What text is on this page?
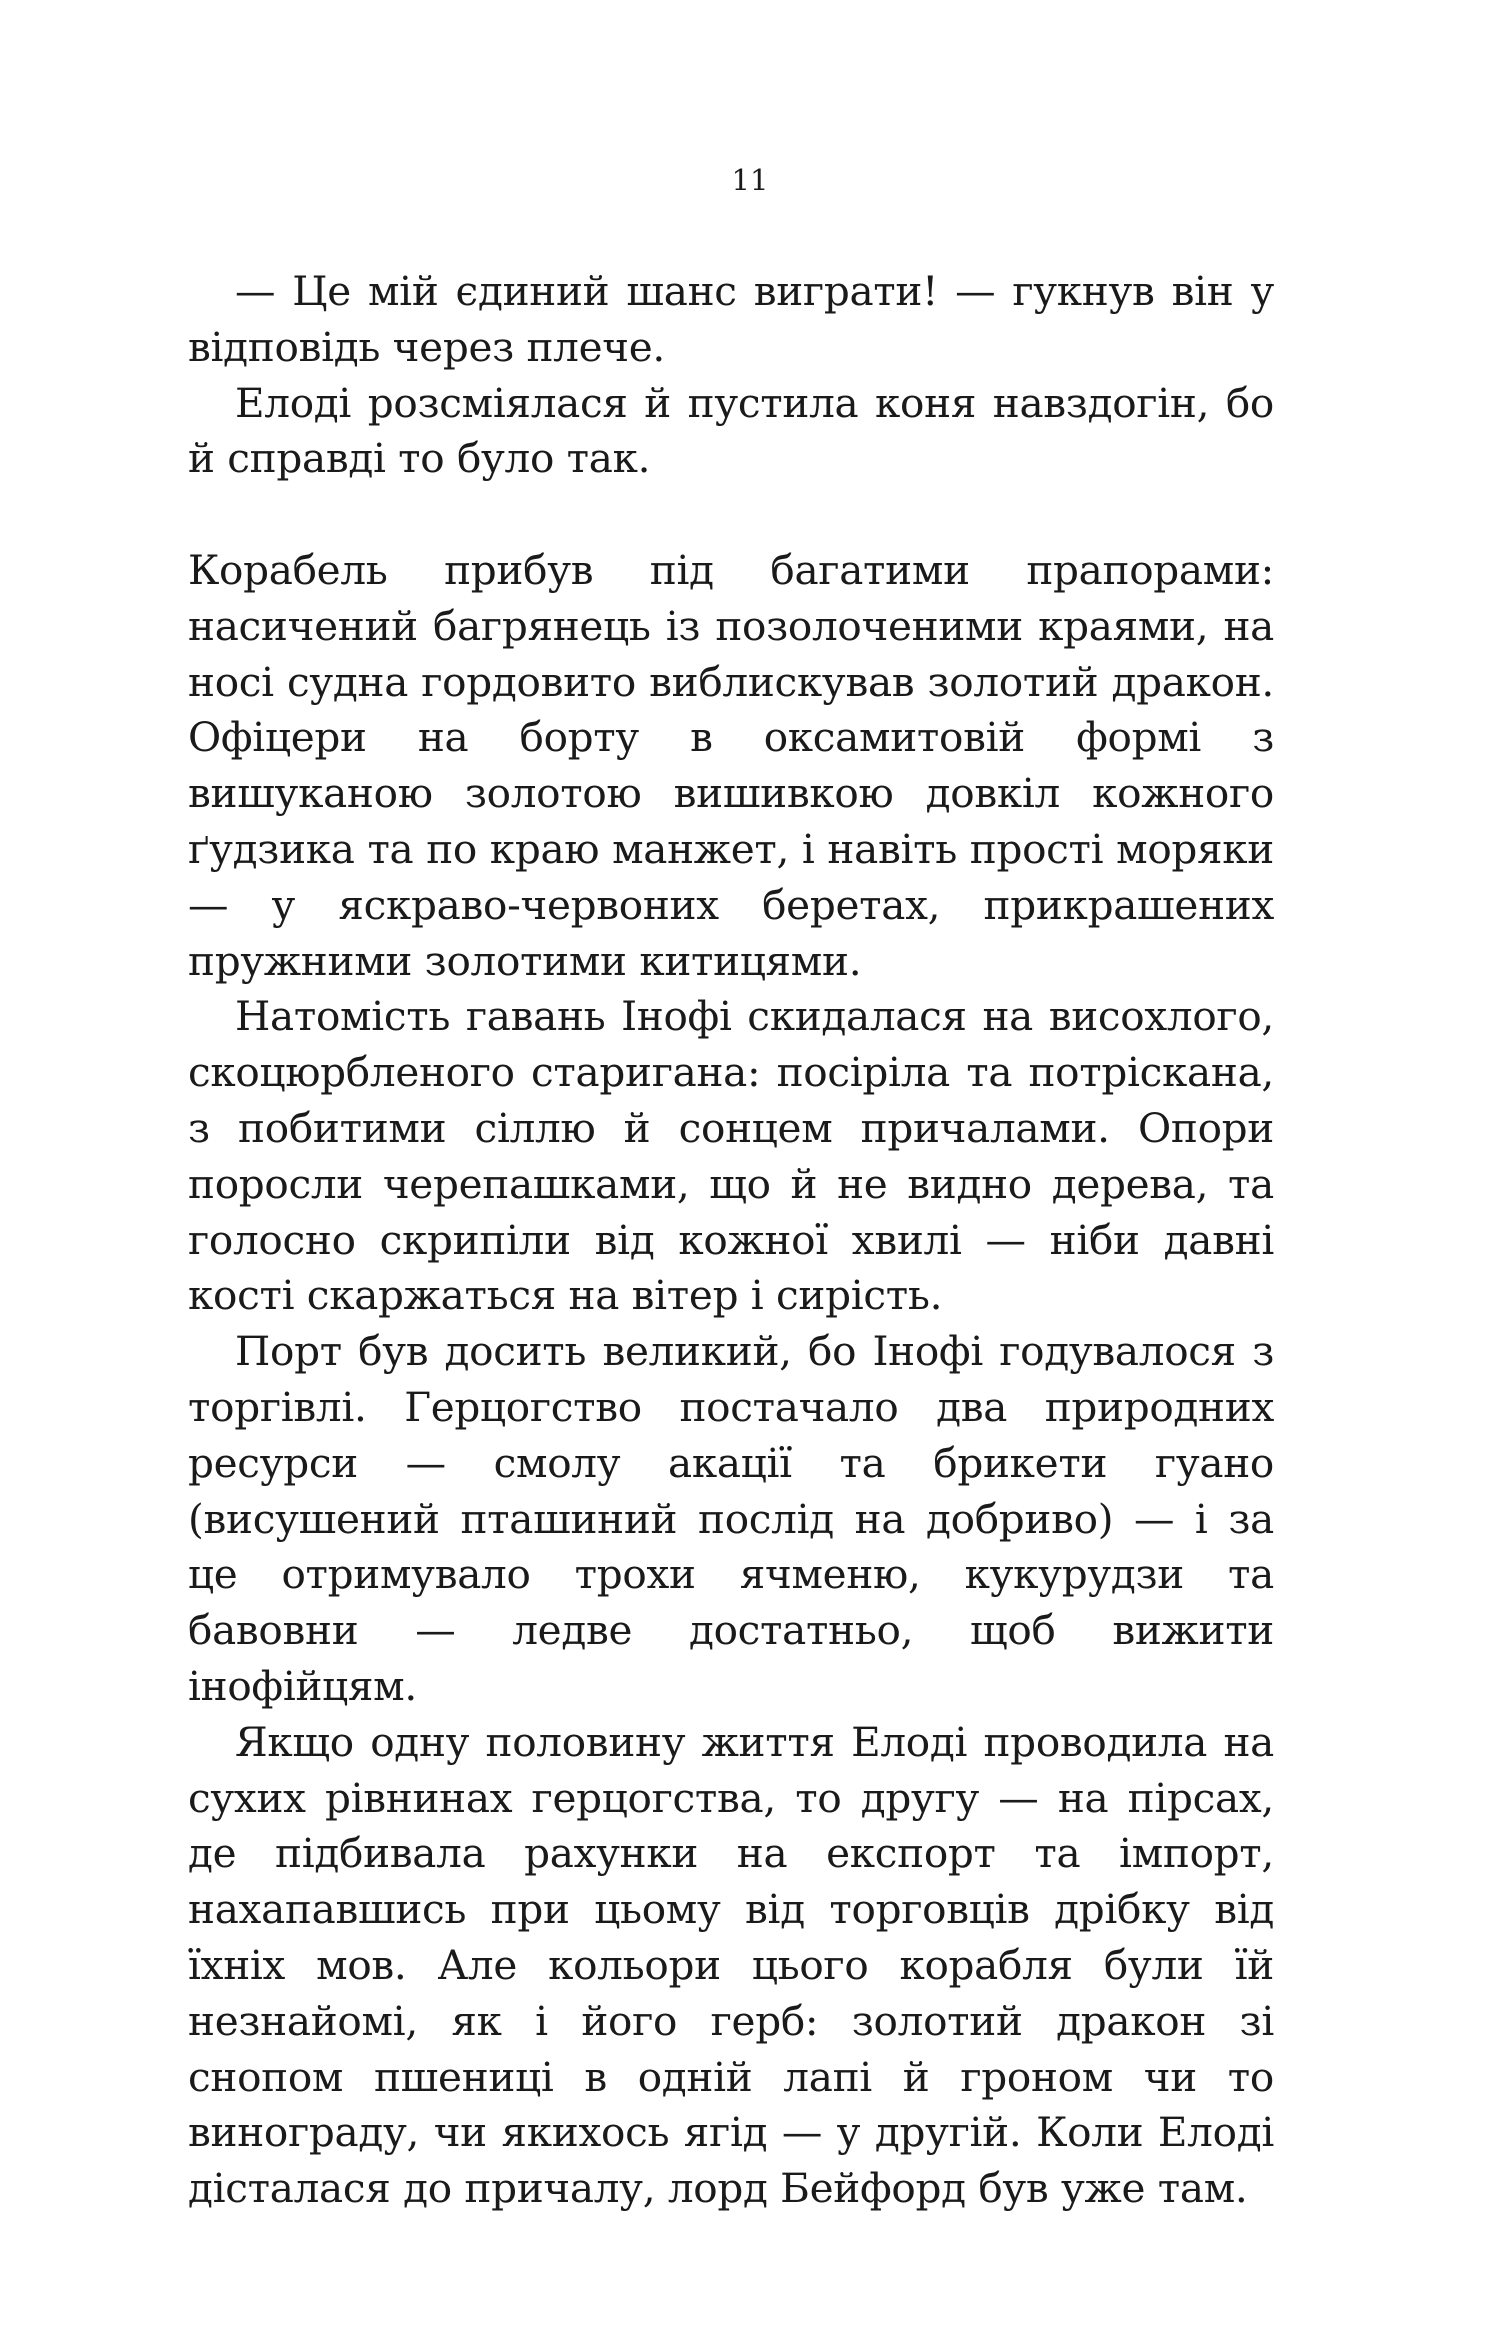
11

— Це мій єдиний шанс виграти! — гукнув він у відповідь через плече.

Елоді розсміялася й пустила коня навздогін, бо й справді то було так.

Корабель прибув під багатими прапорами: насичений багрянець із позолоченими краями, на носі судна гордовито виблискував золотий дракон. Офіцери на борту в оксамитовій формі з вишуканою золотою вишивкою довкіл кожного ґудзика та по краю манжет, і навіть прості моряки — у яскраво-червоних беретах, прикрашених пружними золотими китицями.

Натомість гавань Інофі скидалася на висохлого, скоцюрбленого старигана: посіріла та потріскана, з побитими сіллю й сонцем причалами. Опори поросли черепашками, що й не видно дерева, та голосно скрипіли від кожної хвилі — ніби давні кості скаржаться на вітер і сирість.

Порт був досить великий, бо Інофі годувалося з торгівлі. Герцогство постачало два природних ресурси — смолу акації та брикети гуано (висушений пташиний послід на добриво) — і за це отримувало трохи ячменю, кукурудзи та бавовни — ледве достатньо, щоб вижити інофійцям.

Якщо одну половину життя Елоді проводила на сухих рівнинах герцогства, то другу — на пірсах, де підбивала рахунки на експорт та імпорт, нахапавшись при цьому від торговців дрібку від їхніх мов. Але кольори цього корабля були їй незнайомі, як і його герб: золотий дракон зі снопом пшениці в одній лапі й гроном чи то винограду, чи якихось ягід — у другій. Коли Елоді дісталася до причалу, лорд Бейфорд був уже там.
